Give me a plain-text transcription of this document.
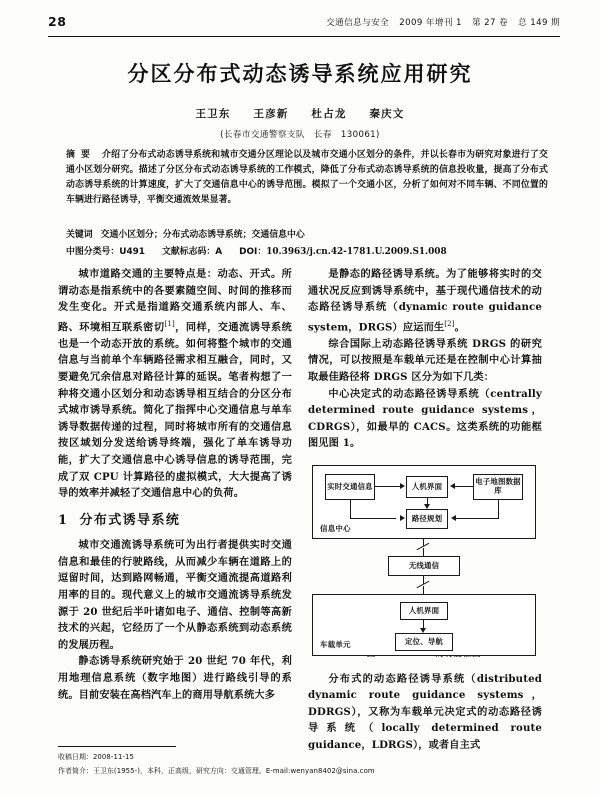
28	交通信息与安全 2009 年增刊 1 第 27 卷 总 149 期
分区分布式动态诱导系统应用研究
王卫东 王彦新 杜占龙 秦庆文
(长春市交通警察支队　长春　130061)
摘要 介绍了分布式动态诱导系统和城市交通分区理论以及城市交通小区划分的条件，并以长春市为研究对象进行了交通小区划分研究。描述了分区分布式动态诱导系统的工作模式，降低了分布式动态诱导系统的信息投收量，提高了分布式动态诱导系统的计算速度，扩大了交通信息中心的诱导范围。模拟了一个交通小区，分析了如何对不同车辆、不同位置的车辆进行路径诱导，平衡交通流效果显著。
关键词 交通小区划分；分布式动态诱导系统；交通信息中心
中图分类号：U491 文献标志码：A DOI：10.3963/j.cn.42-1781.U.2009.S1.008

城市道路交通的主要特点是：动态、开式。所谓动态是指系统中的各要素随空间、时间的推移而发生变化。开式是指道路交通系统内部人、车、路、环境相互联系密切[1]，同样，交通流诱导系统也是一个动态开放的系统。如何将整个城市的交通信息与当前单个车辆路径需求相互融合，同时，又要避免冗余信息对路径计算的延误。笔者构想了一种将交通小区划分和动态诱导相互结合的分区分布式城市诱导系统。简化了指挥中心交通信息与单车诱导数据传递的过程，同时将城市所有的交通信息按区域划分发送给诱导终端，强化了单车诱导功能，扩大了交通信息中心诱导信息的诱导范围，完成了双 CPU 计算路径的虚拟模式，大大提高了诱导的效率并减轻了交通信息中心的负荷。

1 分布式诱导系统

城市交通流诱导系统可为出行者提供实时交通信息和最佳的行驶路线，从而减少车辆在道路上的逗留时间，达到路网畅通，平衡交通流提高道路利用率的目的。现代意义上的城市交通流诱导系统发源于 20 世纪后半叶诸如电子、通信、控制等高新技术的兴起，它经历了一个从静态系统到动态系统的发展历程。

静态诱导系统研究始于 20 世纪 70 年代，利用地理信息系统（数字地图）进行路线引导的系统。目前安装在高档汽车上的商用导航系统大多

是静态的路径诱导系统。为了能够将实时的交通状况反应到诱导系统中，基于现代通信技术的动态路径诱导系统（dynamic route guidance system，DRGS）应运而生[2]。

综合国际上动态路径诱导系统 DRGS 的研究情况，可以按照是车载单元还是在控制中心计算抽取最佳路径将 DRGS 区分为如下几类：

中心决定式的动态路径诱导系统（centrally determined route guidance systems，CDRGS），如最早的 CACS。这类系统的功能框图见图 1。

信息中心
实时交通信息	人机界面	电子地图数据库
路径规划
无线通信
车载单元
人机界面
定位、导航

分布式的动态路径诱导系统（distributed dynamic route guidance systems，DDRGS），又称为车载单元决定式的动态路径诱导系统（locally determined route guidance，LDRGS），或者自主式

收稿日期：2008-11-15
作者简介：王卫东(1955-)，本科，正高级，研究方向：交通管理。E-mail:wenyan8402@sina.com
